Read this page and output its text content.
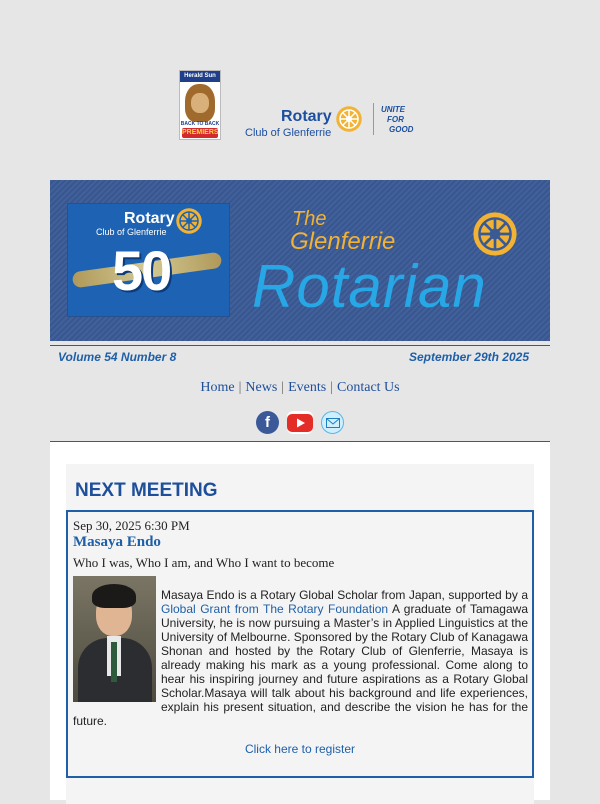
Herald Sun
BACK TO BACK
PREMIERS
Rotary
Club of Glenferrie
UNITE
FOR
GOOD
Rotary
Club of Glenferrie
50
The
Glenferrie
Rotarian
Volume 54 Number 8	September 29th 2025
Home | News | Events | Contact Us
f
NEXT MEETING
Sep 30, 2025 6:30 PM
Masaya Endo
Who I was, Who I am, and Who I want to become
Masaya Endo is a Rotary Global Scholar from Japan, supported by a Global Grant from The Rotary Foundation A graduate of Tamagawa University, he is now pursuing a Master’s in Applied Linguistics at the University of Melbourne. Sponsored by the Rotary Club of Kanagawa Shonan and hosted by the Rotary Club of Glenferrie, Masaya is already making his mark as a young professional. Come along to hear his inspiring journey and future aspirations as a Rotary Global Scholar.Masaya will talk about his background and life experiences, explain his present situation, and describe the vision he has for the future.
Click here to register
